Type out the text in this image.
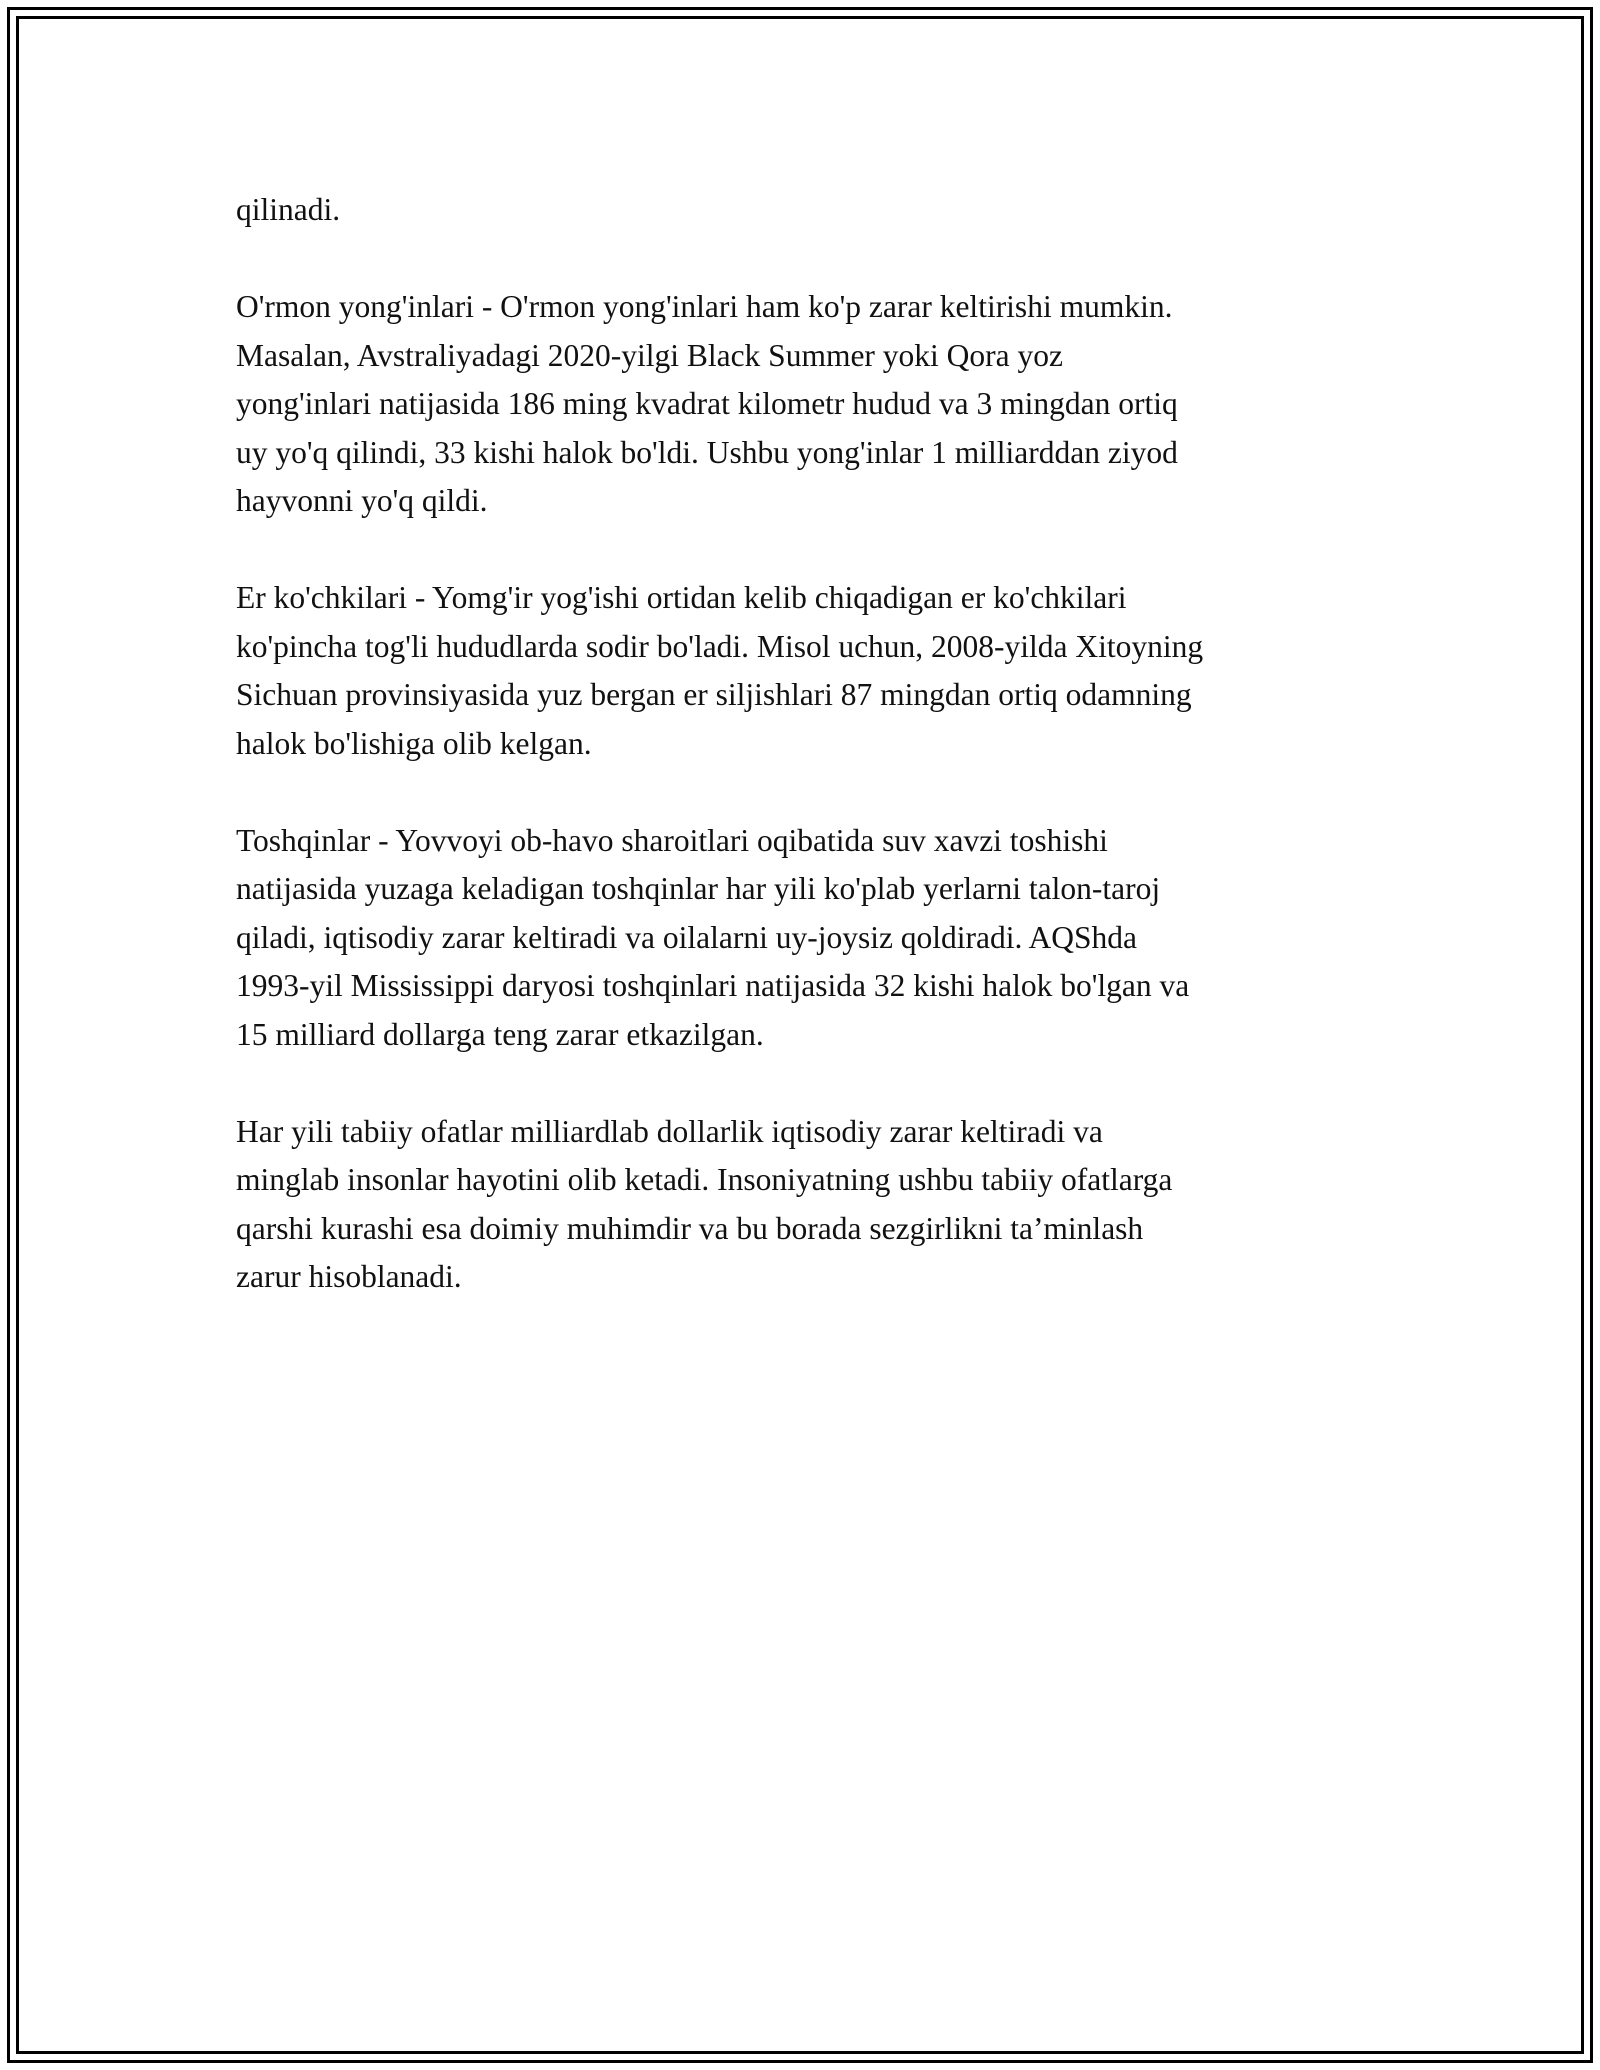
qilinadi.

O'rmon yong'inlari - O'rmon yong'inlari ham ko'p zarar keltirishi mumkin.
Masalan, Avstraliyadagi 2020-yilgi Black Summer yoki Qora yoz
yong'inlari natijasida 186 ming kvadrat kilometr hudud va 3 mingdan ortiq
uy yo'q qilindi, 33 kishi halok bo'ldi. Ushbu yong'inlar 1 milliarddan ziyod
hayvonni yo'q qildi.

Er ko'chkilari - Yomg'ir yog'ishi ortidan kelib chiqadigan er ko'chkilari
ko'pincha tog'li hududlarda sodir bo'ladi. Misol uchun, 2008-yilda Xitoyning
Sichuan provinsiyasida yuz bergan er siljishlari 87 mingdan ortiq odamning
halok bo'lishiga olib kelgan.

Toshqinlar - Yovvoyi ob-havo sharoitlari oqibatida suv xavzi toshishi
natijasida yuzaga keladigan toshqinlar har yili ko'plab yerlarni talon-taroj
qiladi, iqtisodiy zarar keltiradi va oilalarni uy-joysiz qoldiradi. AQShda
1993-yil Mississippi daryosi toshqinlari natijasida 32 kishi halok bo'lgan va
15 milliard dollarga teng zarar etkazilgan.

Har yili tabiiy ofatlar milliardlab dollarlik iqtisodiy zarar keltiradi va
minglab insonlar hayotini olib ketadi. Insoniyatning ushbu tabiiy ofatlarga
qarshi kurashi esa doimiy muhimdir va bu borada sezgirlikni ta’minlash
zarur hisoblanadi.
